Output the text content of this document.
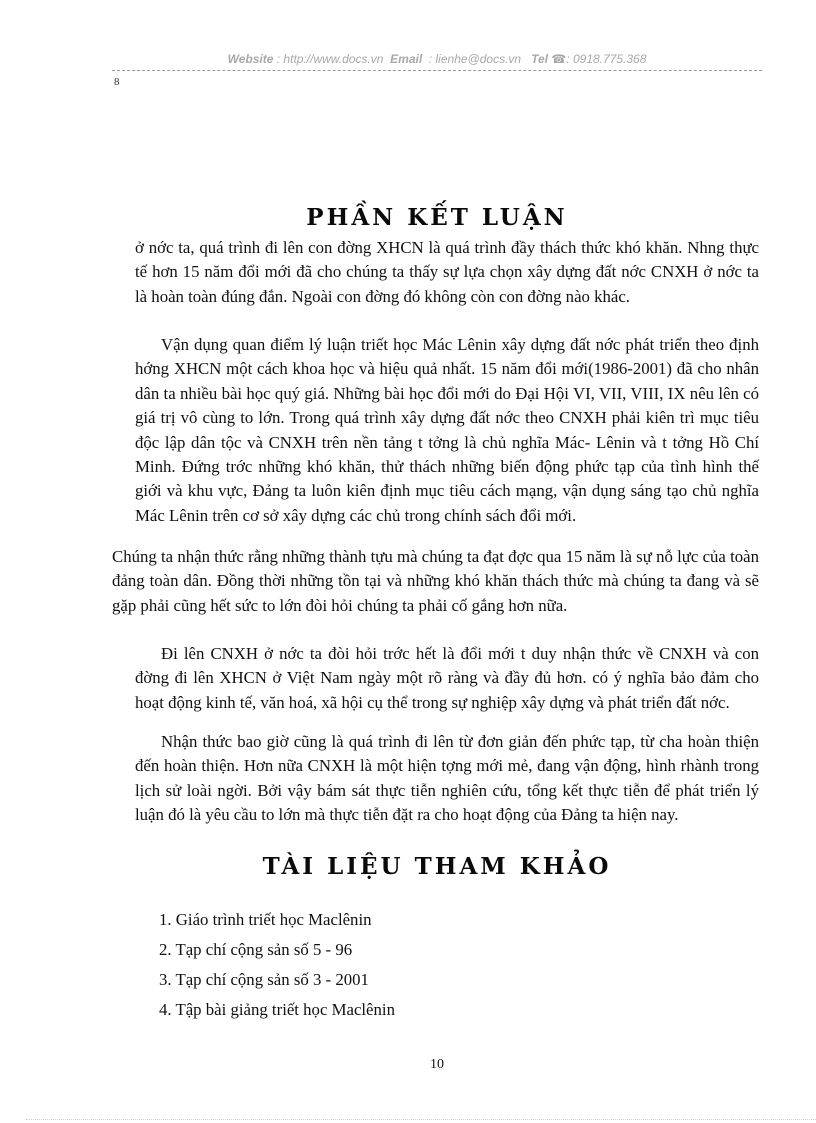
Website : http://www.docs.vn Email : lienhe@docs.vn Tel ☎: 0918.775.368
8
PHẦN KẾT LUẬN

ở nớc ta, quá trình đi lên con đờng XHCN là quá trình đầy thách thức khó khăn. Nhng thực tế hơn 15 năm đổi mới đã cho chúng ta thấy sự lựa chọn xây dựng đất nớc CNXH ở nớc ta là hoàn toàn đúng đắn. Ngoài con đờng đó không còn con đờng nào khác.

Vận dụng quan điểm lý luận triết học Mác Lênin xây dựng đất nớc phát triển theo định hớng XHCN một cách khoa học và hiệu quả nhất. 15 năm đổi mới(1986-2001) đã cho nhân dân ta nhiều bài học quý giá. Những bài học đổi mới do Đại Hội VI, VII, VIII, IX nêu lên có giá trị vô cùng to lớn. Trong quá trình xây dựng đất nớc theo CNXH phải kiên trì mục tiêu độc lập dân tộc và CNXH trên nền tảng t tởng là chủ nghĩa Mác- Lênin và t tởng Hồ Chí Minh. Đứng trớc những khó khăn, thử thách những biến động phức tạp của tình hình thế giới và khu vực, Đảng ta luôn kiên định mục tiêu cách mạng, vận dụng sáng tạo chủ nghĩa Mác Lênin trên cơ sở xây dựng các chủ trong chính sách đổi mới.

Chúng ta nhận thức rằng những thành tựu mà chúng ta đạt đợc qua 15 năm là sự nỗ lực của toàn đảng toàn dân. Đồng thời những tồn tại và những khó khăn thách thức mà chúng ta đang và sẽ gặp phải cũng hết sức to lớn đòi hỏi chúng ta phải cố gắng hơn nữa.

Đi lên CNXH ở nớc ta đòi hỏi trớc hết là đổi mới t duy nhận thức về CNXH và con đờng đi lên XHCN ở Việt Nam ngày một rõ ràng và đầy đủ hơn. có ý nghĩa bảo đảm cho hoạt động kinh tế, văn hoá, xã hội cụ thể trong sự nghiệp xây dựng và phát triển đất nớc.

Nhận thức bao giờ cũng là quá trình đi lên từ đơn giản đến phức tạp, từ cha hoàn thiện đến hoàn thiện. Hơn nữa CNXH là một hiện tợng mới mẻ, đang vận động, hình rhành trong lịch sử loài ngời. Bởi vậy bám sát thực tiễn nghiên cứu, tổng kết thực tiễn để phát triển lý luận đó là yêu cầu to lớn mà thực tiễn đặt ra cho hoạt động của Đảng ta hiện nay.

TÀI LIỆU THAM KHẢO
1. Giáo trình triết học Maclênin
2. Tạp chí cộng sản số 5 - 96
3. Tạp chí cộng sản số 3 - 2001
4. Tập bài giảng triết học Maclênin
10
